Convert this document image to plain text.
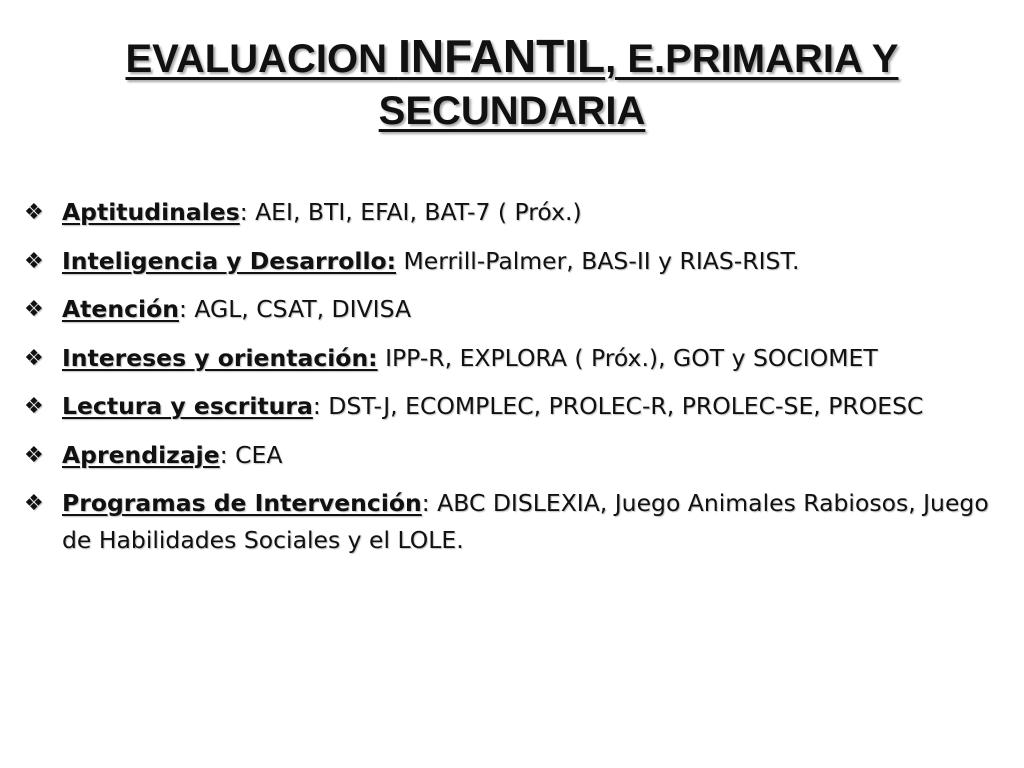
EVALUACION INFANTIL, E.PRIMARIA Y SECUNDARIA
❖ Aptitudinales: AEI, BTI, EFAI, BAT-7 ( Próx.)
❖ Inteligencia y Desarrollo: Merrill-Palmer, BAS-II y RIAS-RIST.
❖ Atención: AGL, CSAT, DIVISA
❖ Intereses y orientación: IPP-R, EXPLORA ( Próx.), GOT y SOCIOMET
❖ Lectura y escritura: DST-J, ECOMPLEC, PROLEC-R, PROLEC-SE, PROESC
❖ Aprendizaje: CEA
❖ Programas de Intervención: ABC DISLEXIA, Juego Animales Rabiosos, Juego de Habilidades Sociales y el LOLE.
